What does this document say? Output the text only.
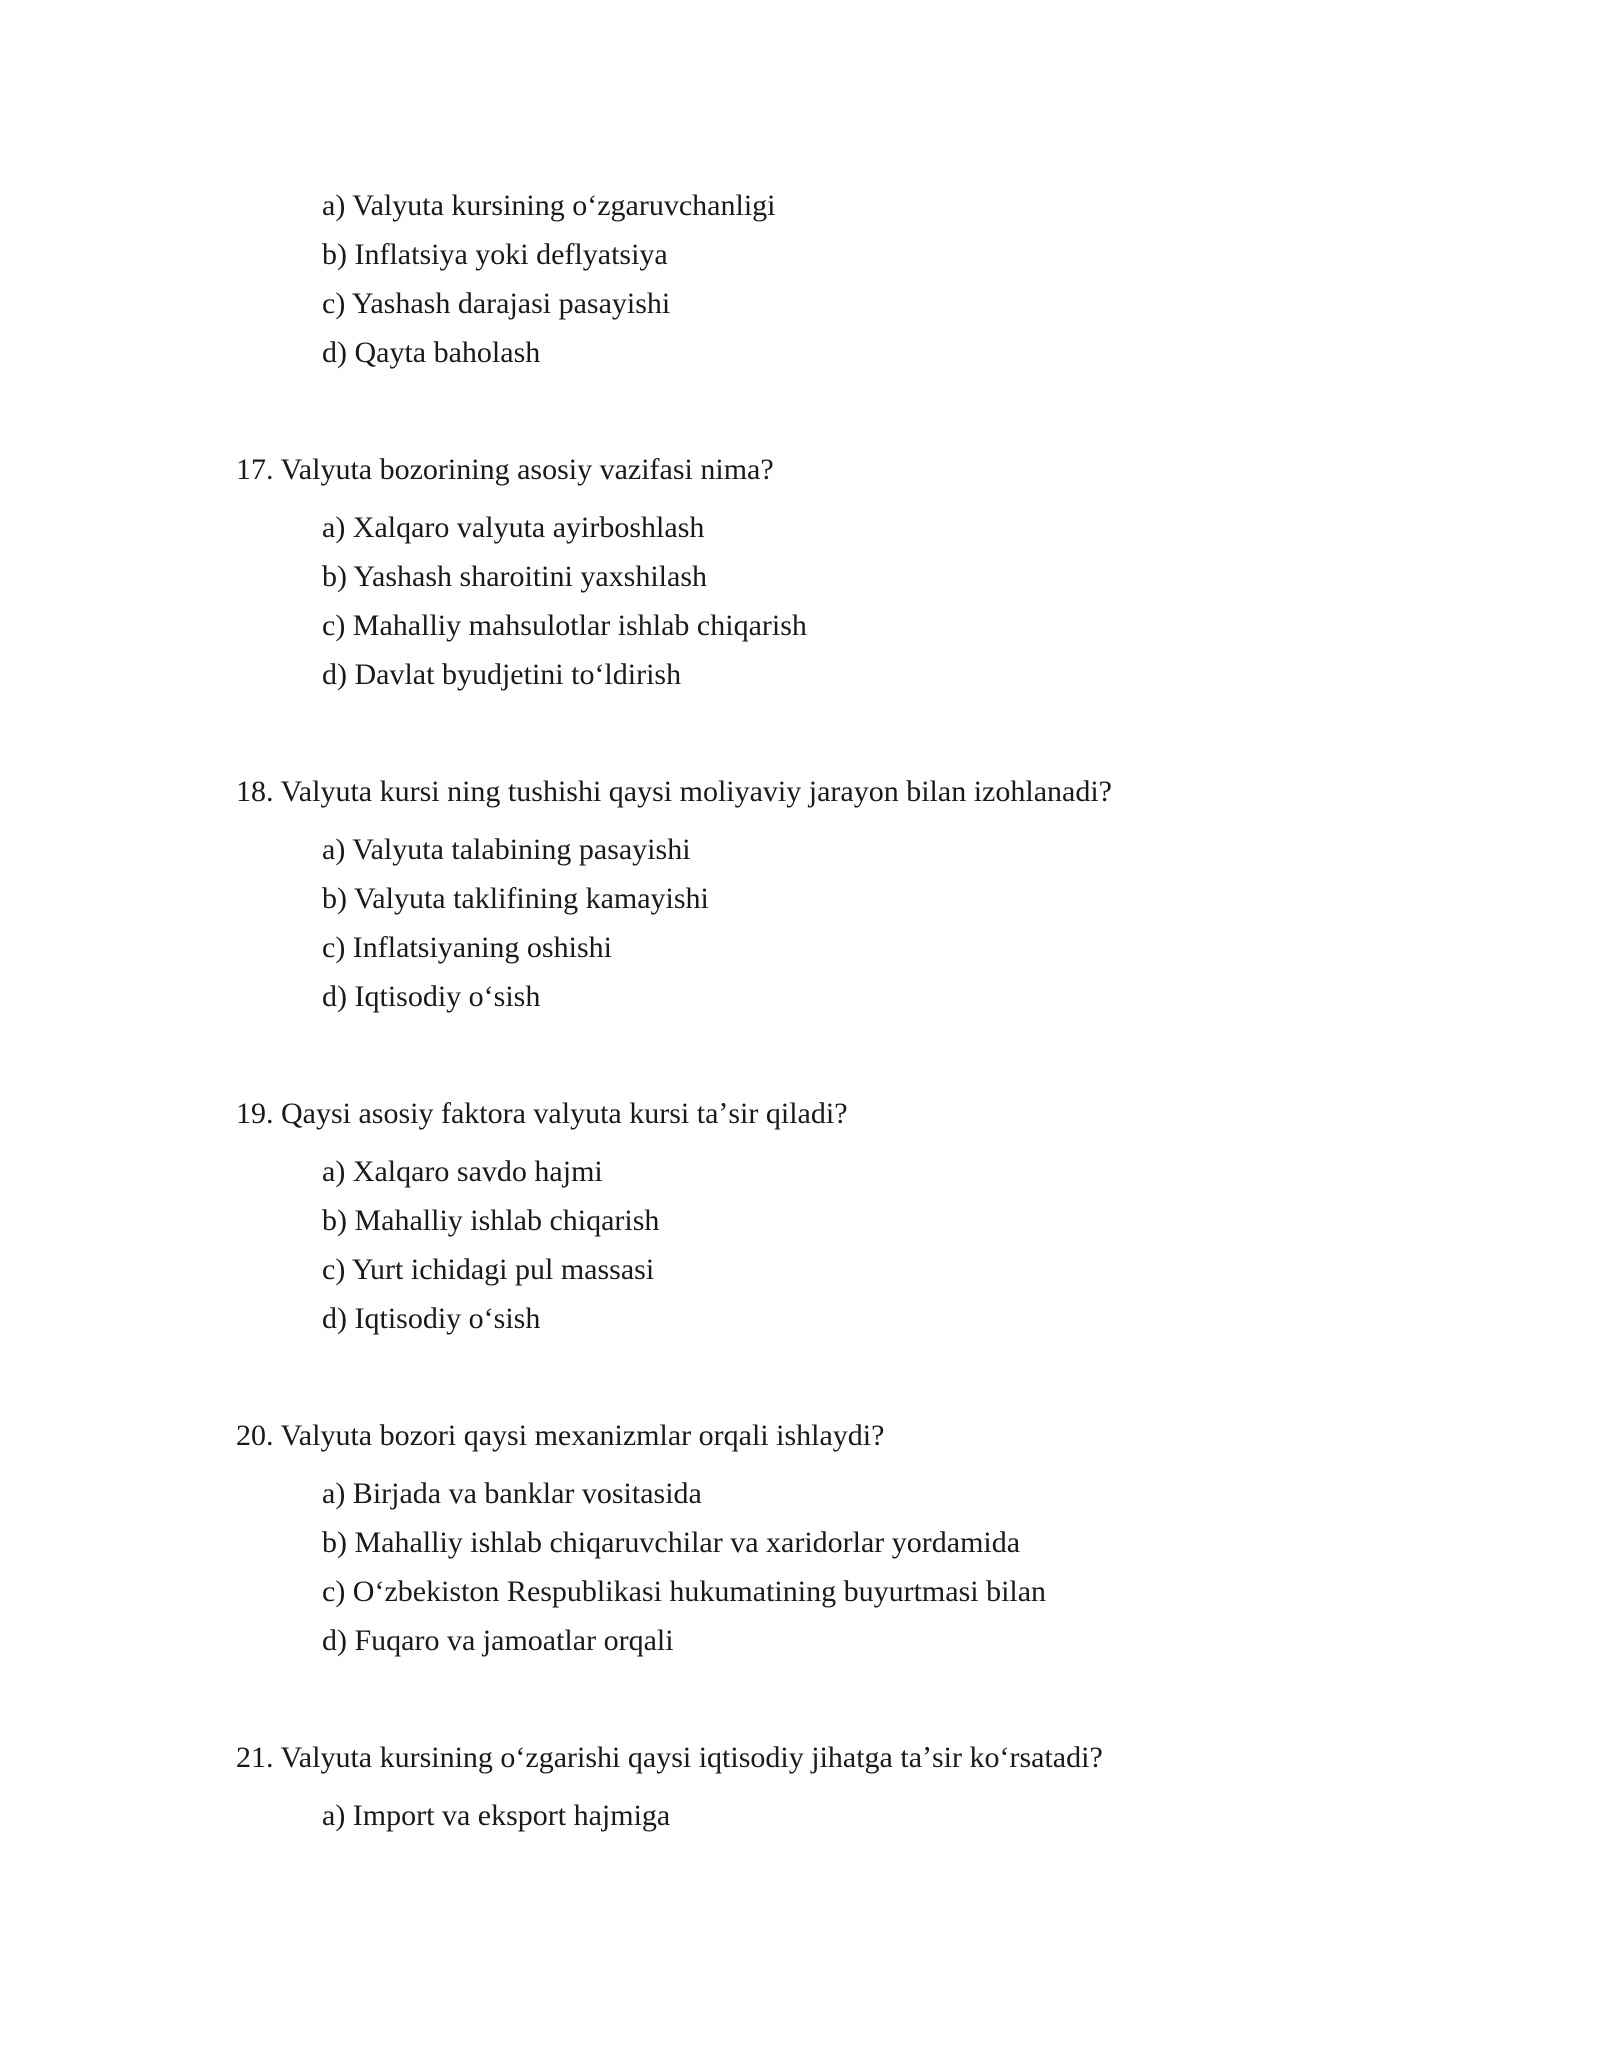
a) Valyuta kursining oʻzgaruvchanligi
b) Inflatsiya yoki deflyatsiya
c) Yashash darajasi pasayishi
d) Qayta baholash
17. Valyuta bozorining asosiy vazifasi nima?
a) Xalqaro valyuta ayirboshlash
b) Yashash sharoitini yaxshilash
c) Mahalliy mahsulotlar ishlab chiqarish
d) Davlat byudjetini toʻldirish
18. Valyuta kursi ning tushishi qaysi moliyaviy jarayon bilan izohlanadi?
a) Valyuta talabining pasayishi
b) Valyuta taklifining kamayishi
c) Inflatsiyaning oshishi
d) Iqtisodiy oʻsish
19. Qaysi asosiy faktora valyuta kursi taʼsir qiladi?
a) Xalqaro savdo hajmi
b) Mahalliy ishlab chiqarish
c) Yurt ichidagi pul massasi
d) Iqtisodiy oʻsish
20. Valyuta bozori qaysi mexanizmlar orqali ishlaydi?
a) Birjada va banklar vositasida
b) Mahalliy ishlab chiqaruvchilar va xaridorlar yordamida
c) Oʻzbekiston Respublikasi hukumatining buyurtmasi bilan
d) Fuqaro va jamoatlar orqali
21. Valyuta kursining oʻzgarishi qaysi iqtisodiy jihatga taʼsir koʻrsatadi?
a) Import va eksport hajmiga
